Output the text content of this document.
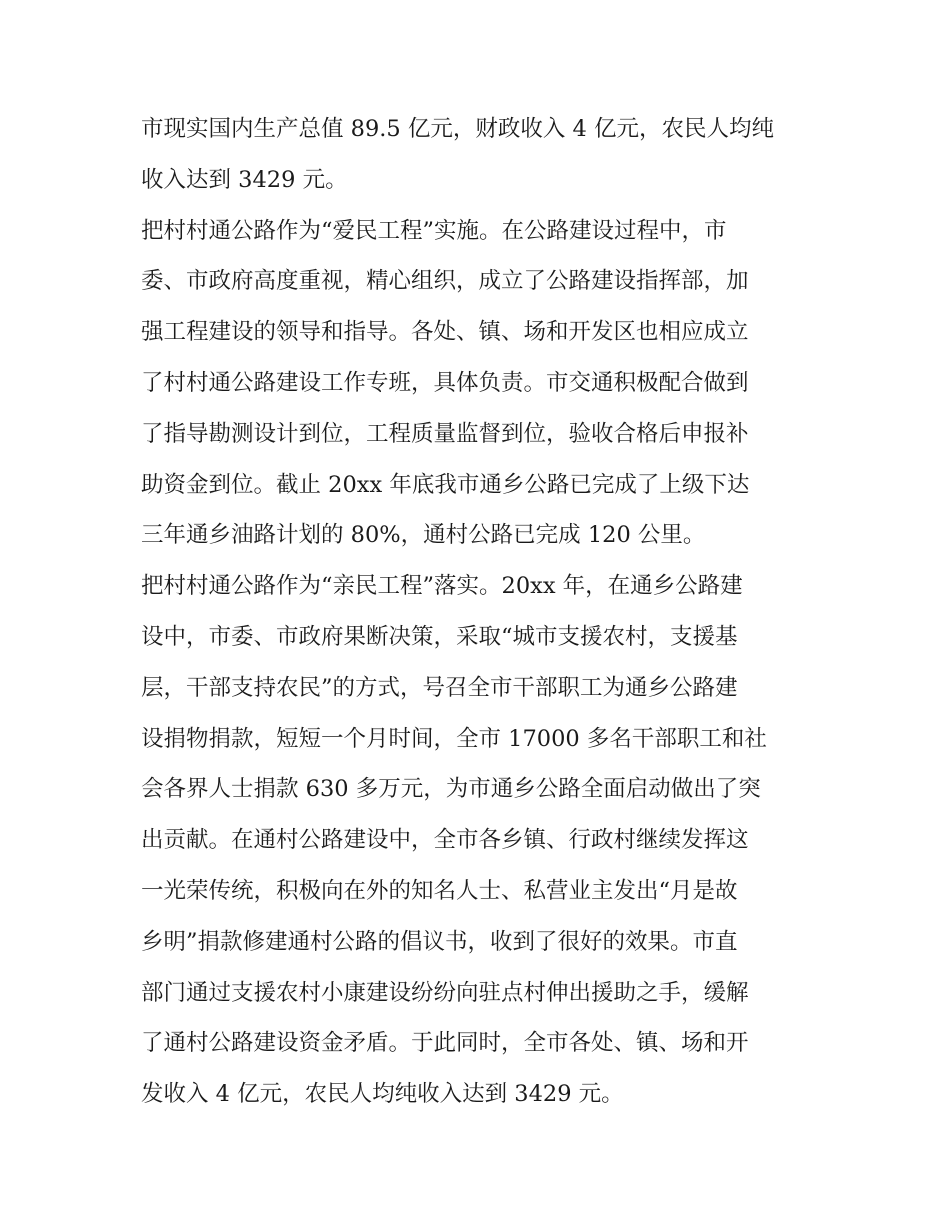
市现实国内生产总值 89.5 亿元，财政收入 4 亿元，农民人均纯
收入达到 3429 元。
把村村通公路作为“爱民工程”实施。在公路建设过程中，市
委、市政府高度重视，精心组织，成立了公路建设指挥部，加
强工程建设的领导和指导。各处、镇、场和开发区也相应成立
了村村通公路建设工作专班，具体负责。市交通积极配合做到
了指导勘测设计到位，工程质量监督到位，验收合格后申报补
助资金到位。截止 20xx 年底我市通乡公路已完成了上级下达
三年通乡油路计划的 80%，通村公路已完成 120 公里。
把村村通公路作为“亲民工程”落实。20xx 年，在通乡公路建
设中，市委、市政府果断决策，采取“城市支援农村，支援基
层，干部支持农民”的方式，号召全市干部职工为通乡公路建
设捐物捐款，短短一个月时间，全市 17000 多名干部职工和社
会各界人士捐款 630 多万元，为市通乡公路全面启动做出了突
出贡献。在通村公路建设中，全市各乡镇、行政村继续发挥这
一光荣传统，积极向在外的知名人士、私营业主发出“月是故
乡明”捐款修建通村公路的倡议书，收到了很好的效果。市直
部门通过支援农村小康建设纷纷向驻点村伸出援助之手，缓解
了通村公路建设资金矛盾。于此同时，全市各处、镇、场和开
发收入 4 亿元，农民人均纯收入达到 3429 元。
